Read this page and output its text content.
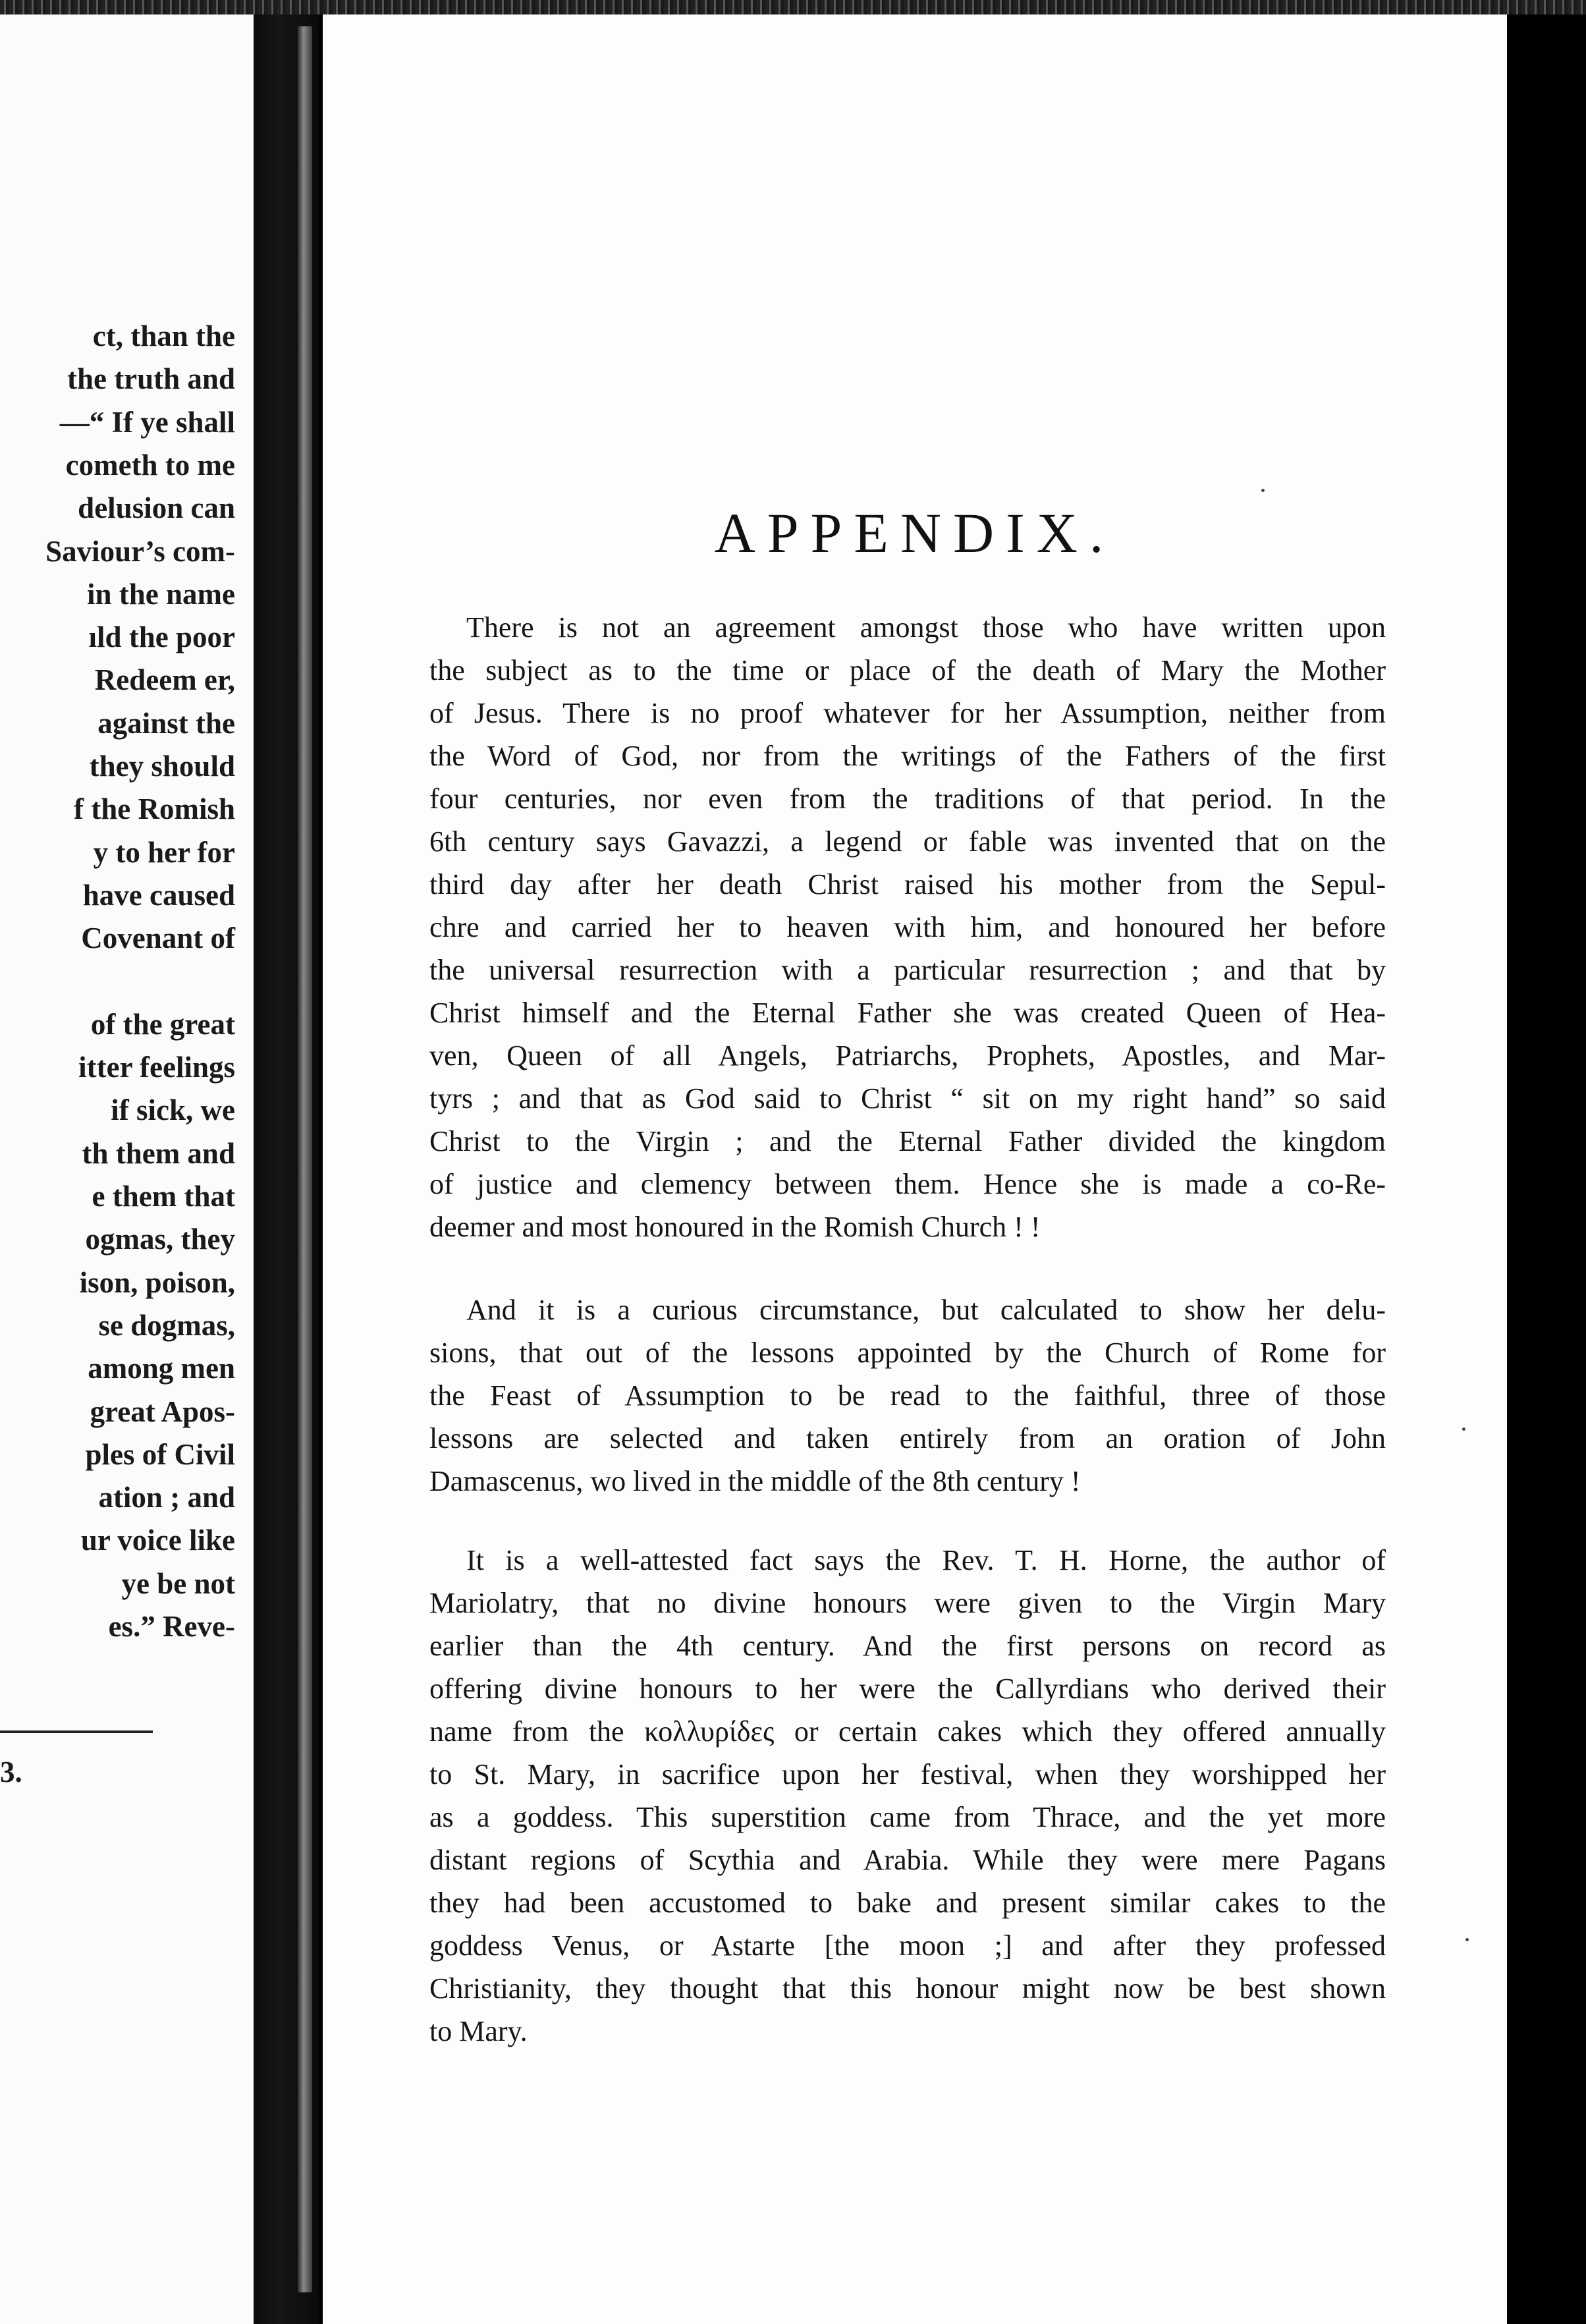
ct, than the
the truth and
—“ If ye shall
cometh to me
delusion can
Saviour’s com-
in the name
ıld the poor
Redeem er,
against the
they should
f the Romish
y to her for
have caused
Covenant of
of the great
itter feelings
if sick, we
th them and
e them that
ogmas, they
ison, poison,
se dogmas,
among men
great Apos-
ples of Civil
ation ; and
ur voice like
ye be not
es.” Reve-
3.
APPENDIX.
There is not an agreement amongst those who have written upon
the subject as to the time or place of the death of Mary the Mother
of Jesus. There is no proof whatever for her Assumption, neither from
the Word of God, nor from the writings of the Fathers of the first
four centuries, nor even from the traditions of that period. In the
6th century says Gavazzi, a legend or fable was invented that on the
third day after her death Christ raised his mother from the Sepul-
chre and carried her to heaven with him, and honoured her before
the universal resurrection with a particular resurrection ; and that by
Christ himself and the Eternal Father she was created Queen of Hea-
ven, Queen of all Angels, Patriarchs, Prophets, Apostles, and Mar-
tyrs ; and that as God said to Christ “ sit on my right hand” so said
Christ to the Virgin ; and the Eternal Father divided the kingdom
of justice and clemency between them. Hence she is made a co-Re-
deemer and most honoured in the Romish Church ! !
And it is a curious circumstance, but calculated to show her delu-
sions, that out of the lessons appointed by the Church of Rome for
the Feast of Assumption to be read to the faithful, three of those
lessons are selected and taken entirely from an oration of John
Damascenus, wo lived in the middle of the 8th century !
It is a well-attested fact says the Rev. T. H. Horne, the author of
Mariolatry, that no divine honours were given to the Virgin Mary
earlier than the 4th century. And the first persons on record as
offering divine honours to her were the Callyrdians who derived their
name from the κολλυρίδες or certain cakes which they offered annually
to St. Mary, in sacrifice upon her festival, when they worshipped her
as a goddess. This superstition came from Thrace, and the yet more
distant regions of Scythia and Arabia. While they were mere Pagans
they had been accustomed to bake and present similar cakes to the
goddess Venus, or Astarte [the moon ;] and after they professed
Christianity, they thought that this honour might now be best shown
to Mary.
